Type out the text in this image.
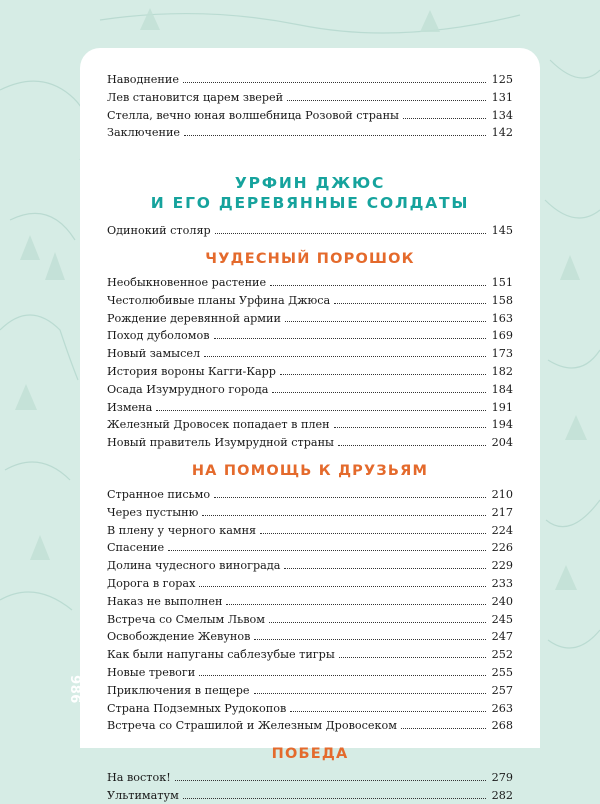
Наводнение	125
Лев становится царем зверей	131
Стелла, вечно юная волшебница Розовой страны	134
Заключение	142
УРФИН ДЖЮС
И ЕГО ДЕРЕВЯННЫЕ СОЛДАТЫ
Одинокий столяр	145
ЧУДЕСНЫЙ ПОРОШОК
Необыкновенное растение	151
Честолюбивые планы Урфина Джюса	158
Рождение деревянной армии	163
Поход дуболомов	169
Новый замысел	173
История вороны Кагги-Карр	182
Осада Изумрудного города	184
Измена	191
Железный Дровосек попадает в плен	194
Новый правитель Изумрудной страны	204
НА ПОМОЩЬ К ДРУЗЬЯМ
Странное письмо	210
Через пустыню	217
В плену у черного камня	224
Спасение	226
Долина чудесного винограда	229
Дорога в горах	233
Наказ не выполнен	240
Встреча со Смелым Львом	245
Освобождение Жевунов	247
Как были напуганы саблезубые тигры	252
Новые тревоги	255
Приключения в пещере	257
Страна Подземных Рудокопов	263
Встреча со Страшилой и Железным Дровосеком	268
ПОБЕДА
На восток!	279
Ультиматум	282
986
